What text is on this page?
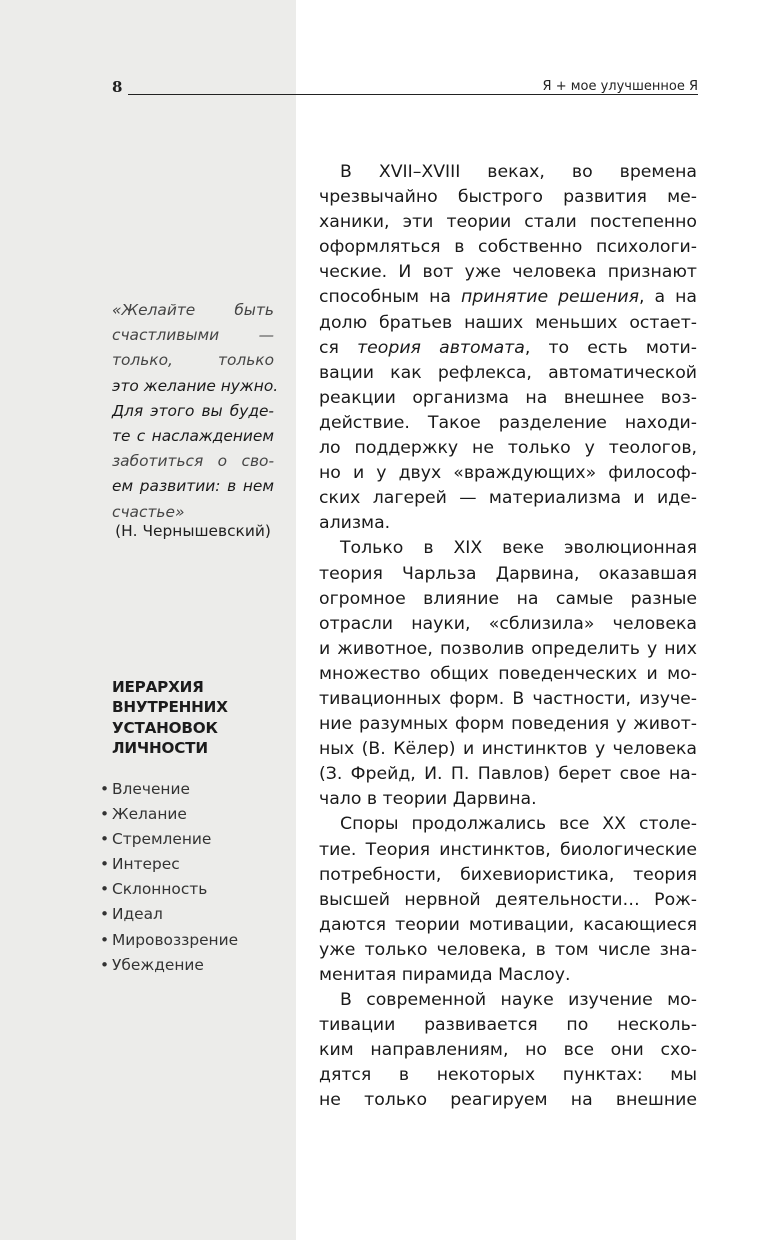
8	Я + мое улучшенное Я
«Желайте быть
счастливыми —
только, только
это желание нужно.
Для этого вы буде-
те с наслаждением
заботиться о сво-
ем развитии: в нем
счастье»
(Н. Чернышевский)
ИЕРАРХИЯ
ВНУТРЕННИХ
УСТАНОВОК
ЛИЧНОСТИ
• Влечение
• Желание
• Стремление
• Интерес
• Склонность
• Идеал
• Мировоззрение
• Убеждение
В XVII–XVIII веках, во времена
чрезвычайно быстрого развития ме-
ханики, эти теории стали постепенно
оформляться в собственно психологи-
ческие. И вот уже человека признают
способным на принятие решения, а на
долю братьев наших меньших остает-
ся теория автомата, то есть моти-
вации как рефлекса, автоматической
реакции организма на внешнее воз-
действие. Такое разделение находи-
ло поддержку не только у теологов,
но и у двух «враждующих» философ-
ских лагерей — материализма и иде-
ализма.
Только в XIX веке эволюционная
теория Чарльза Дарвина, оказавшая
огромное влияние на самые разные
отрасли науки, «сблизила» человека
и животное, позволив определить у них
множество общих поведенческих и мо-
тивационных форм. В частности, изуче-
ние разумных форм поведения у живот-
ных (В. Кёлер) и инстинктов у человека
(З. Фрейд, И. П. Павлов) берет свое на-
чало в теории Дарвина.
Споры продолжались все XX столе-
тие. Теория инстинктов, биологические
потребности, бихевиористика, теория
высшей нервной деятельности… Рож-
даются теории мотивации, касающиеся
уже только человека, в том числе зна-
менитая пирамида Маслоу.
В современной науке изучение мо-
тивации развивается по несколь-
ким направлениям, но все они схо-
дятся в некоторых пунктах: мы
не только реагируем на внешние
